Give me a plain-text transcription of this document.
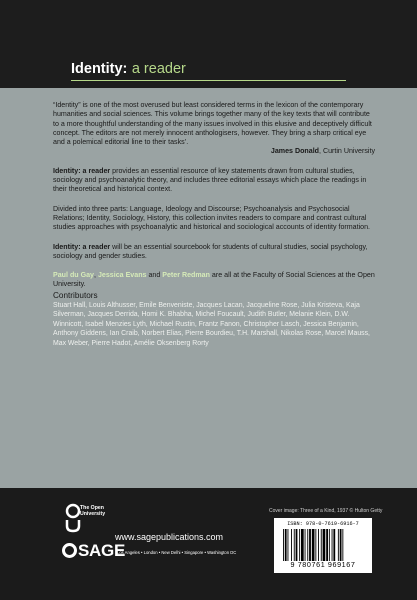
Identity: a reader

“Identity” is one of the most overused but least considered terms in the lexicon of the contemporary humanities and social sciences. This volume brings together many of the key texts that will contribute to a more thoughtful understanding of the many issues involved in this elusive and deceptively difficult concept. The editors are not merely innocent anthologisers, however. They bring a sharp critical eye and a polemical editorial line to their tasks’.

James Donald, Curtin University

Identity: a reader provides an essential resource of key statements drawn from cultural studies, sociology and psychoanalytic theory, and includes three editorial essays which place the readings in their theoretical and historical context.

Divided into three parts: Language, Ideology and Discourse; Psychoanalysis and Psychosocial Relations; Identity, Sociology, History, this collection invites readers to compare and contrast cultural studies approaches with psychoanalytic and historical and sociological accounts of identity formation.

Identity: a reader will be an essential sourcebook for students of cultural studies, social psychology, sociology and gender studies.

Paul du Gay, Jessica Evans and Peter Redman are all at the Faculty of Social Sciences at the Open University.

Contributors

Stuart Hall, Louis Althusser, Emile Benveniste, Jacques Lacan, Jacqueline Rose, Julia Kristeva, Kaja Silverman, Jacques Derrida, Homi K. Bhabha, Michel Foucault, Judith Butler, Melanie Klein, D.W. Winnicott, Isabel Menzies Lyth, Michael Rustin, Frantz Fanon, Christopher Lasch, Jessica Benjamin, Anthony Giddens, Ian Craib, Norbert Elias, Pierre Bourdieu, T.H. Marshall, Nikolas Rose, Marcel Mauss, Max Weber, Pierre Hadot, Amélie Oksenberg Rorty

The Open University
www.sagepublications.com
SAGE
Los Angeles • London • New Delhi • Singapore • Washington DC
Cover image: Three of a Kind, 1937 © Hulton Getty
ISBN: 978-0-7619-6916-7
9 780761 969167
